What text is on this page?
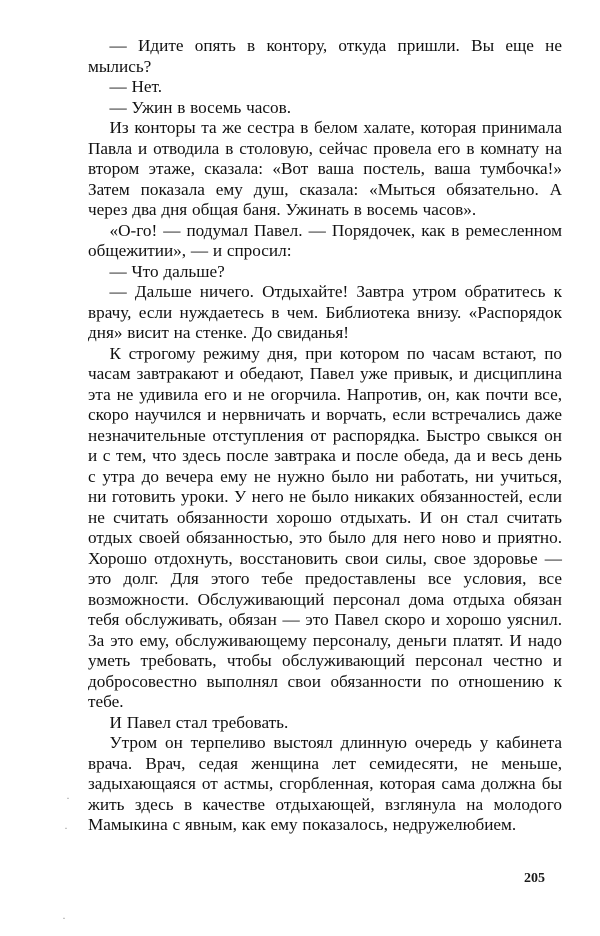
— Идите опять в контору, откуда пришли. Вы еще не мылись?

— Нет.

— Ужин в восемь часов.

Из конторы та же сестра в белом халате, которая принимала Павла и отводила в столовую, сейчас провела его в комнату на втором этаже, сказала: «Вот ваша постель, ваша тумбочка!» Затем показала ему душ, сказала: «Мыться обязательно. А через два дня общая баня. Ужинать в восемь часов».

«О-го! — подумал Павел. — Порядочек, как в ремесленном общежитии», — и спросил:

— Что дальше?

— Дальше ничего. Отдыхайте! Завтра утром обратитесь к врачу, если нуждаетесь в чем. Библиотека внизу. «Распорядок дня» висит на стенке. До свиданья!

К строгому режиму дня, при котором по часам встают, по часам завтракают и обедают, Павел уже привык, и дисциплина эта не удивила его и не огорчила. Напротив, он, как почти все, скоро научился и нервничать и ворчать, если встречались даже незначительные отступления от распорядка. Быстро свыкся он и с тем, что здесь после завтрака и после обеда, да и весь день с утра до вечера ему не нужно было ни работать, ни учиться, ни готовить уроки. У него не было никаких обязанностей, если не считать обязанности хорошо отдыхать. И он стал считать отдых своей обязанностью, это было для него ново и приятно. Хорошо отдохнуть, восстановить свои силы, свое здоровье — это долг. Для этого тебе предоставлены все условия, все возможности. Обслуживающий персонал дома отдыха обязан тебя обслуживать, обязан — это Павел скоро и хорошо уяснил. За это ему, обслуживающему персоналу, деньги платят. И надо уметь требовать, чтобы обслуживающий персонал честно и добросовестно выполнял свои обязанности по отношению к тебе.

И Павел стал требовать.

Утром он терпеливо выстоял длинную очередь у кабинета врача. Врач, седая женщина лет семидесяти, не меньше, задыхающаяся от астмы, сгорбленная, которая сама должна бы жить здесь в качестве отдыхающей, взглянула на молодого Мамыкина с явным, как ему показалось, недружелюбием.

205
·
·
·
